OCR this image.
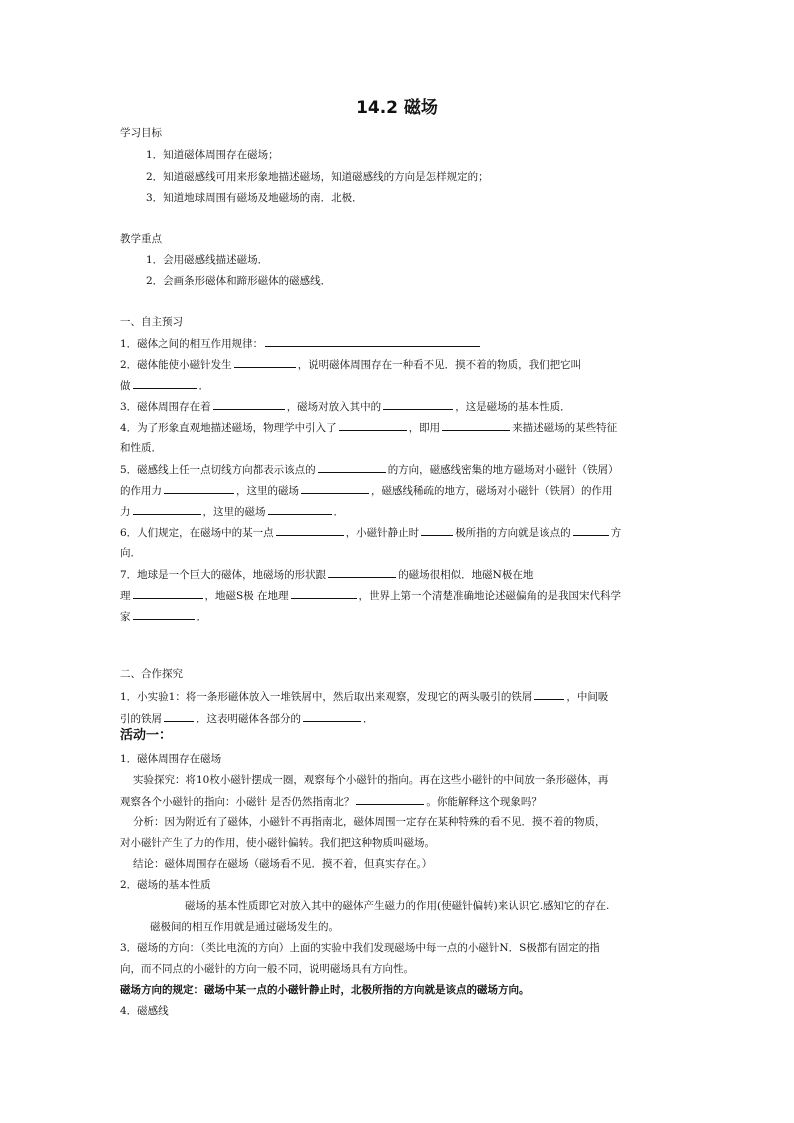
14.2 磁场
学习目标
1．知道磁体周围存在磁场；
2．知道磁感线可用来形象地描述磁场，知道磁感线的方向是怎样规定的；
3．知道地球周围有磁场及地磁场的南．北极．
教学重点
1．会用磁感线描述磁场．
2．会画条形磁体和蹄形磁体的磁感线．
一、自主预习
1．磁体之间的相互作用规律：
2．磁体能使小磁针发生	，说明磁体周围存在一种看不见．摸不着的物质，我们把它叫
做	．
3．磁体周围存在着	，磁场对放入其中的	，这是磁场的基本性质．
4．为了形象直观地描述磁场，物理学中引入了	，即用	来描述磁场的某些特征
和性质．
5．磁感线上任一点切线方向都表示该点的	的方向，磁感线密集的地方磁场对小磁针（铁屑）
的作用力	，这里的磁场	，磁感线稀疏的地方，磁场对小磁针（铁屑）的作用
力	，这里的磁场	．
6．人们规定，在磁场中的某一点	，小磁针静止时	极所指的方向就是该点的	方
向．
7．地球是一个巨大的磁体，地磁场的形状跟	的磁场很相似．地磁N极在地
理	，地磁S极 在地理	，世界上第一个清楚准确地论述磁偏角的是我国宋代科学
家	．
二、合作探究
1．小实验1：将一条形磁体放入一堆铁屑中，然后取出来观察，发现它的两头吸引的铁屑	，中间吸
引的铁屑	．这表明磁体各部分的	．
活动一：
1．磁体周围存在磁场
实验探究：将10枚小磁针摆成一圈，观察每个小磁针的指向。再在这些小磁针的中间放一条形磁体，再
观察各个小磁针的指向：小磁针 是否仍然指南北？	。你能解释这个现象吗？
分析：因为附近有了磁体，小磁针不再指南北，磁体周围一定存在某种特殊的看不见．摸不着的物质，
对小磁针产生了力的作用，使小磁针偏转。我们把这种物质叫磁场。
结论：磁体周围存在磁场（磁场看不见．摸不着，但真实存在。）
2．磁场的基本性质
磁场的基本性质即它对放入其中的磁体产生磁力的作用(使磁针偏转)来认识它.感知它的存在.
磁极间的相互作用就是通过磁场发生的。
3．磁场的方向：（类比电流的方向）上面的实验中我们发现磁场中每一点的小磁针N．S极都有固定的指
向，而不同点的小磁针的方向一般不同，说明磁场具有方向性。
磁场方向的规定：磁场中某一点的小磁针静止时，北极所指的方向就是该点的磁场方向。
4．磁感线
